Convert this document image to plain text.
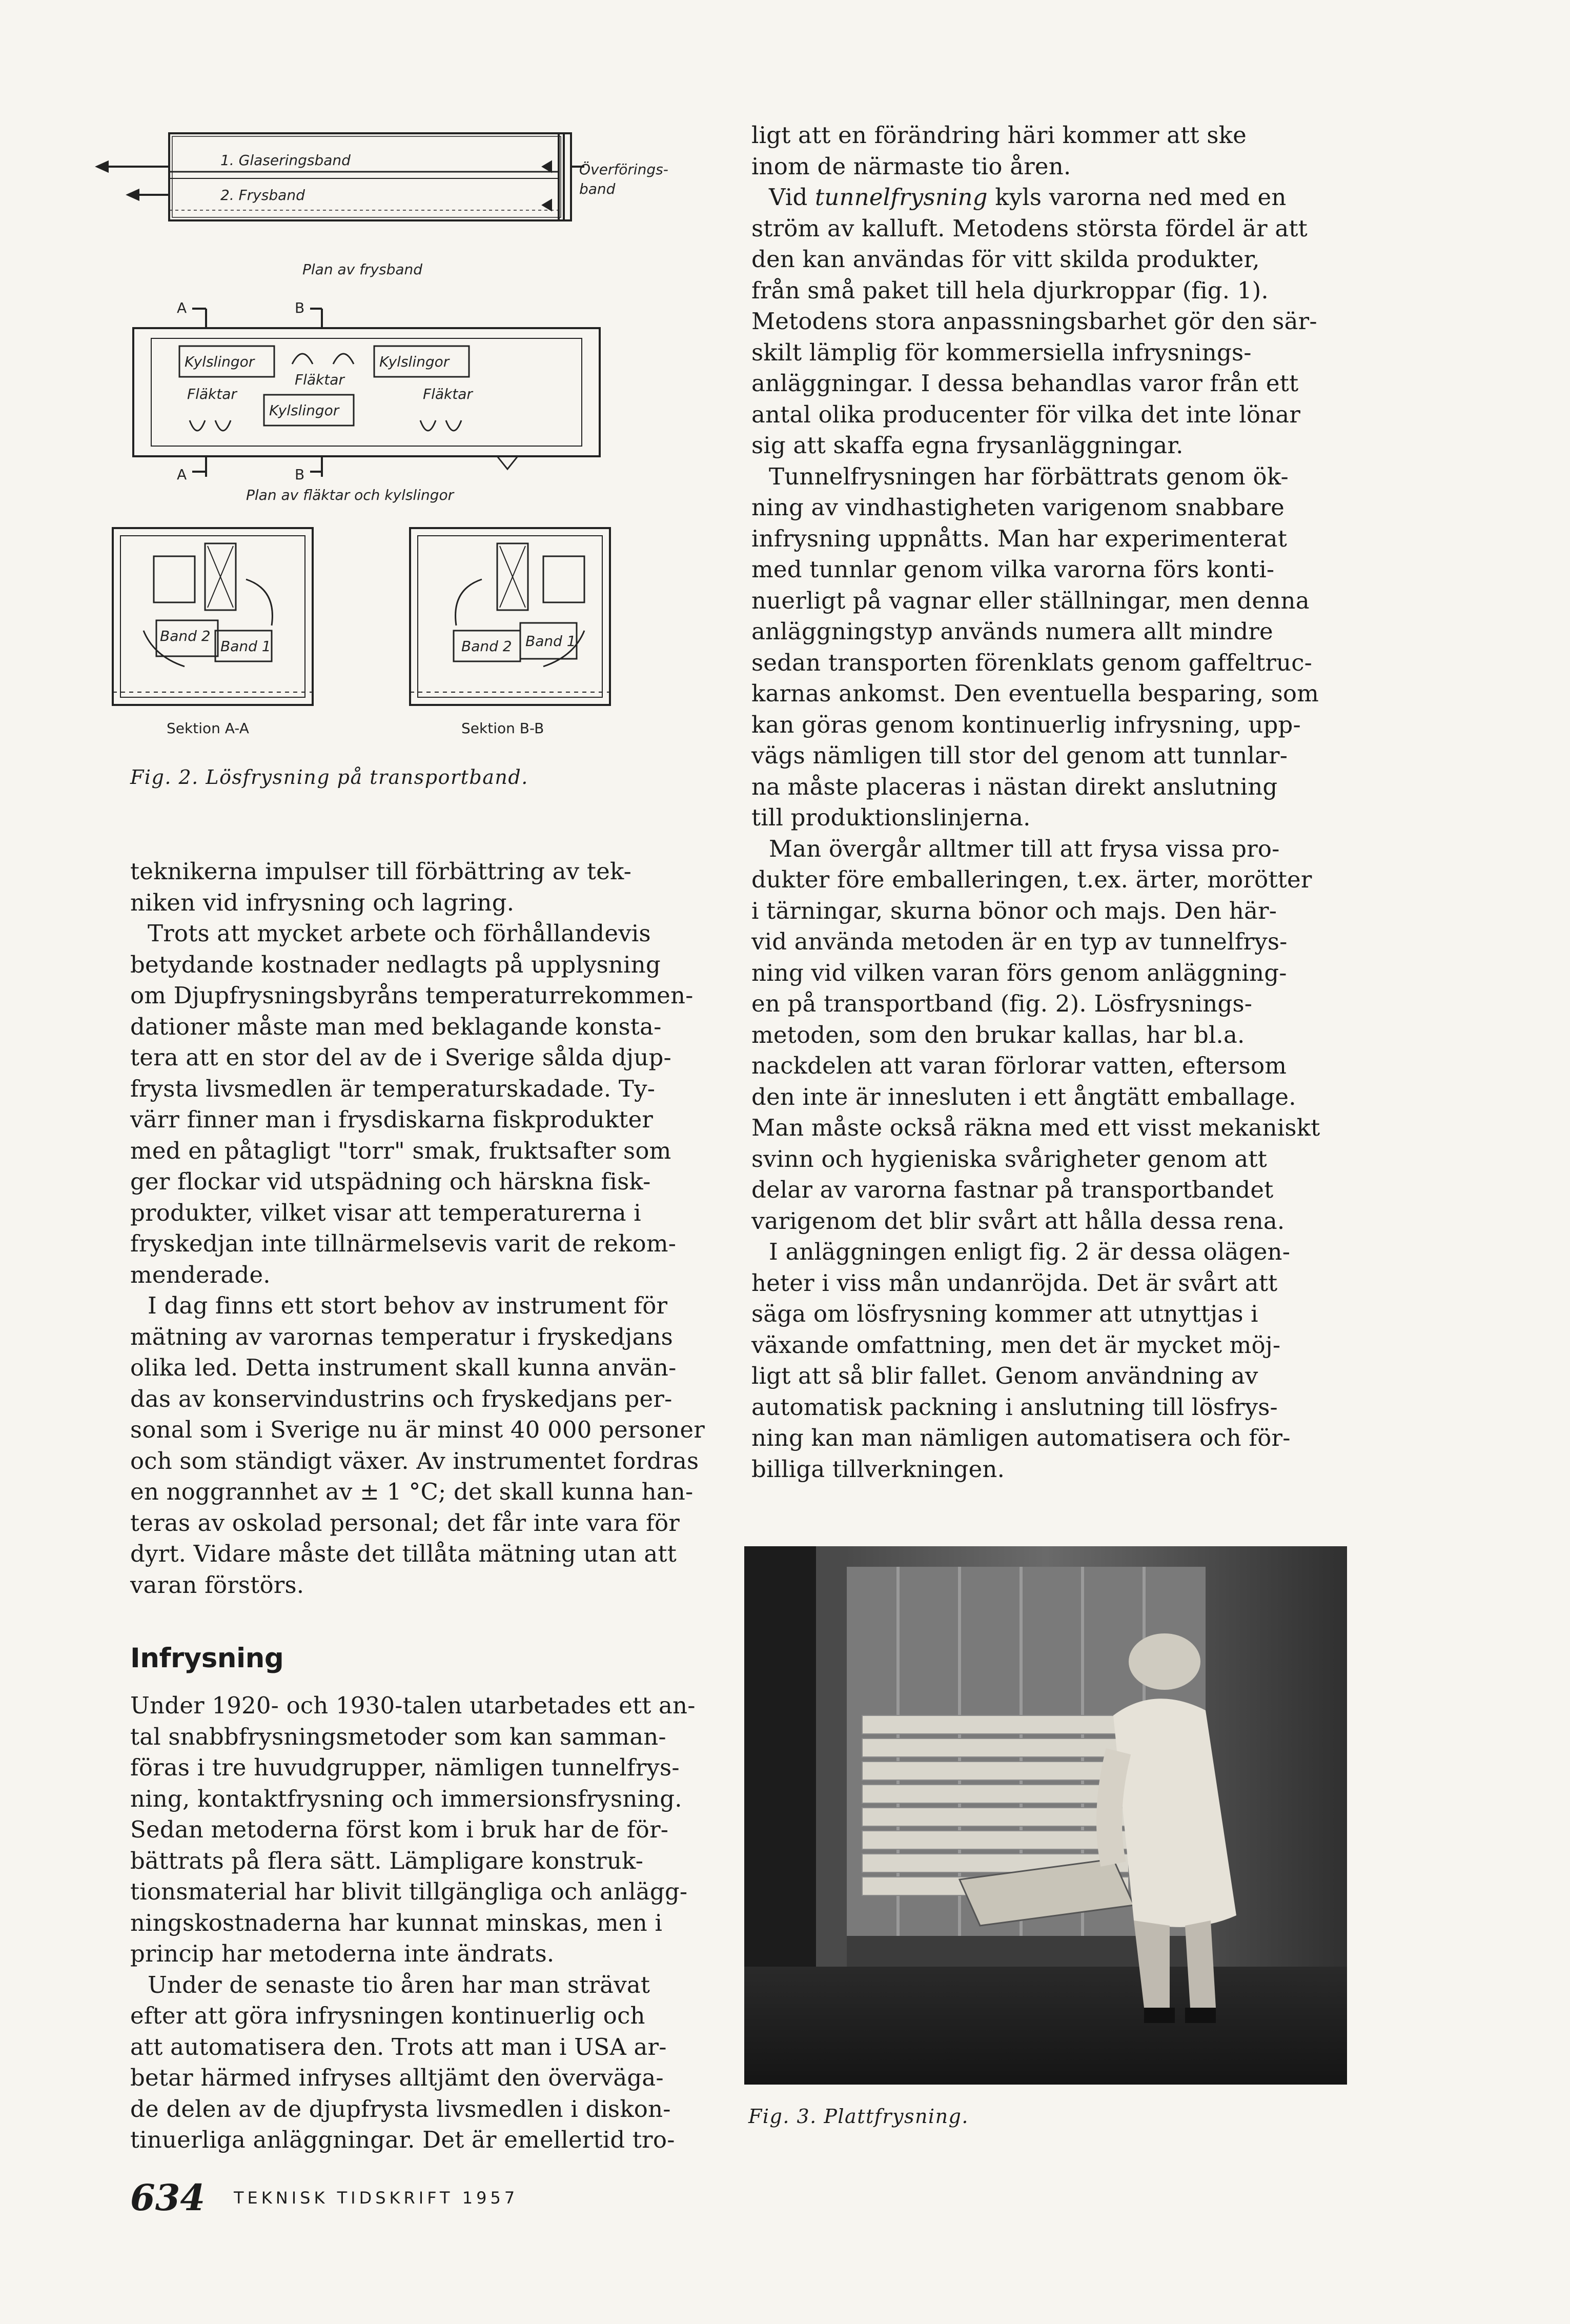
1. Glaseringsband
2. Frysband
Överförings-
band
Plan av frysband
A	B
Kylslingor	Kylslingor
Fläktar
Fläktar	Fläktar
Kylslingor
A	B
Plan av fläktar och kylslingor
Band 2
Band 1
Sektion A-A
Band 2 Band 1
Sektion B-B

Fig. 2. Lösfrysning på transportband.

teknikerna impulser till förbättring av tek-
niken vid infrysning och lagring.

Trots att mycket arbete och förhållandevis
betydande kostnader nedlagts på upplysning
om Djupfrysningsbyråns temperaturrekommen-
dationer måste man med beklagande konsta-
tera att en stor del av de i Sverige sålda djup-
frysta livsmedlen är temperaturskadade. Ty-
värr finner man i frysdiskarna fiskprodukter
med en påtagligt "torr" smak, fruktsafter som
ger flockar vid utspädning och härskna fisk-
produkter, vilket visar att temperaturerna i
fryskedjan inte tillnärmelsevis varit de rekom-
menderade.

I dag finns ett stort behov av instrument för
mätning av varornas temperatur i fryskedjans
olika led. Detta instrument skall kunna använ-
das av konservindustrins och fryskedjans per-
sonal som i Sverige nu är minst 40 000 personer
och som ständigt växer. Av instrumentet fordras
en noggrannhet av ± 1 °C; det skall kunna han-
teras av oskolad personal; det får inte vara för
dyrt. Vidare måste det tillåta mätning utan att
varan förstörs.

Infrysning

Under 1920- och 1930-talen utarbetades ett an-
tal snabbfrysningsmetoder som kan samman-
föras i tre huvudgrupper, nämligen tunnelfrys-
ning, kontaktfrysning och immersionsfrysning.
Sedan metoderna först kom i bruk har de för-
bättrats på flera sätt. Lämpligare konstruk-
tionsmaterial har blivit tillgängliga och anlägg-
ningskostnaderna har kunnat minskas, men i
princip har metoderna inte ändrats.

Under de senaste tio åren har man strävat
efter att göra infrysningen kontinuerlig och
att automatisera den. Trots att man i USA ar-
betar härmed infryses alltjämt den överväga-
de delen av de djupfrysta livsmedlen i diskon-
tinuerliga anläggningar. Det är emellertid tro-

ligt att en förändring häri kommer att ske
inom de närmaste tio åren.

Vid tunnelfrysning kyls varorna ned med en
ström av kalluft. Metodens största fördel är att
den kan användas för vitt skilda produkter,
från små paket till hela djurkroppar (fig. 1).
Metodens stora anpassningsbarhet gör den sär-
skilt lämplig för kommersiella infrysnings-
anläggningar. I dessa behandlas varor från ett
antal olika producenter för vilka det inte lönar
sig att skaffa egna frysanläggningar.

Tunnelfrysningen har förbättrats genom ök-
ning av vindhastigheten varigenom snabbare
infrysning uppnåtts. Man har experimenterat
med tunnlar genom vilka varorna förs konti-
nuerligt på vagnar eller ställningar, men denna
anläggningstyp används numera allt mindre
sedan transporten förenklats genom gaffeltruc-
karnas ankomst. Den eventuella besparing, som
kan göras genom kontinuerlig infrysning, upp-
vägs nämligen till stor del genom att tunnlar-
na måste placeras i nästan direkt anslutning
till produktionslinjerna.

Man övergår alltmer till att frysa vissa pro-
dukter före emballeringen, t.ex. ärter, morötter
i tärningar, skurna bönor och majs. Den här-
vid använda metoden är en typ av tunnelfrys-
ning vid vilken varan förs genom anläggning-
en på transportband (fig. 2). Lösfrysnings-
metoden, som den brukar kallas, har bl.a.
nackdelen att varan förlorar vatten, eftersom
den inte är innesluten i ett ångtätt emballage.
Man måste också räkna med ett visst mekaniskt
svinn och hygieniska svårigheter genom att
delar av varorna fastnar på transportbandet
varigenom det blir svårt att hålla dessa rena.

I anläggningen enligt fig. 2 är dessa olägen-
heter i viss mån undanröjda. Det är svårt att
säga om lösfrysning kommer att utnyttjas i
växande omfattning, men det är mycket möj-
ligt att så blir fallet. Genom användning av
automatisk packning i anslutning till lösfrys-
ning kan man nämligen automatisera och för-
billiga tillverkningen.

Fig. 3. Plattfrysning.

634 TEKNISK TIDSKRIFT 1957
